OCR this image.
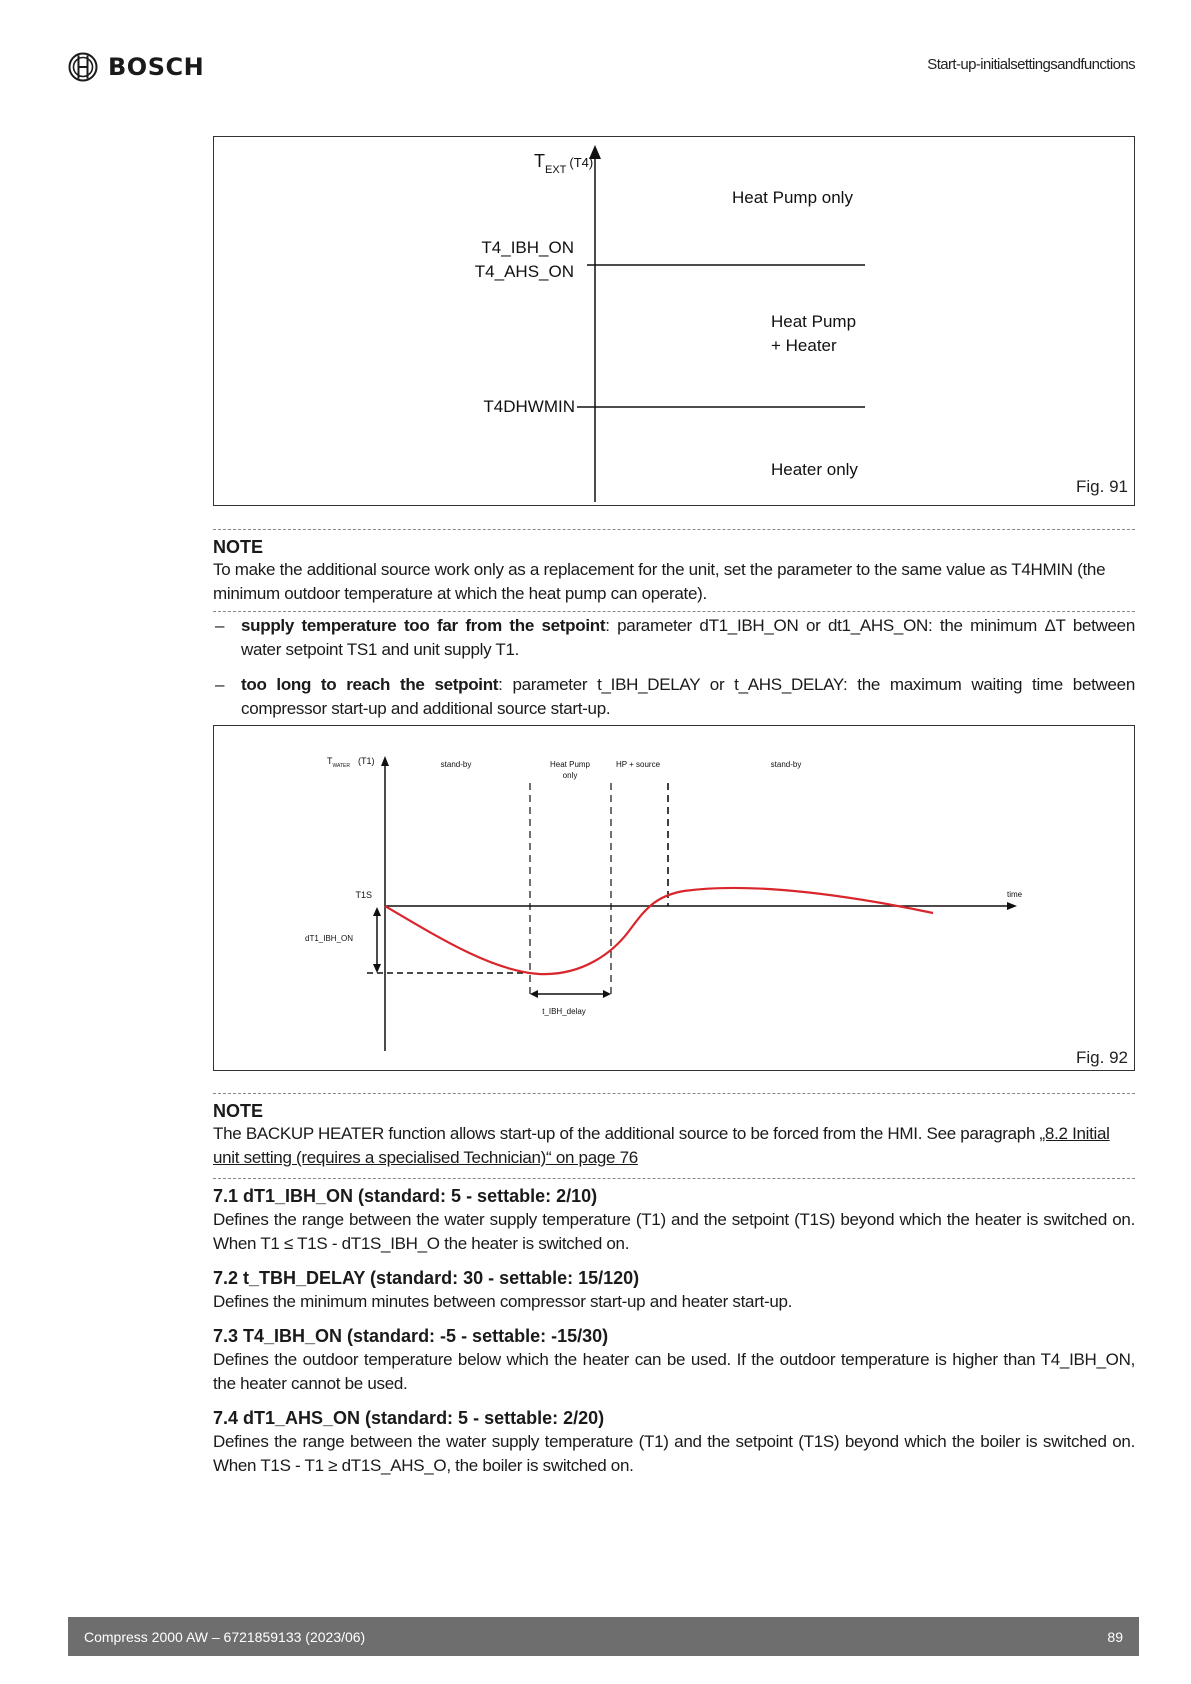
BOSCH	Start-up-initialsettingsandfunctions
$T_{EXT}$ $^{(T4)}$
T4_IBH_ON
T4_AHS_ON
T4DHWMIN
Heat Pump only
Heat Pump
+ Heater
Heater only
Fig. 91
NOTE
To make the additional source work only as a replacement for the unit, set the parameter to the same value as T4HMIN (the minimum outdoor temperature at which the heat pump can operate).
– supply temperature too far from the setpoint: parameter dT1_IBH_ON or dt1_AHS_ON: the minimum ΔT between water setpoint TS1 and unit supply T1.
– too long to reach the setpoint: parameter t_IBH_DELAY or t_AHS_DELAY: the maximum waiting time between compressor start-up and additional source start-up.
$T_{WATER}$ (T1)	stand-by	Heat Pump
only
HP + source	stand-by
T1S	time
dT1_IBH_ON
t_IBH_delay
Fig. 92
NOTE
The BACKUP HEATER function allows start-up of the additional source to be forced from the HMI. See paragraph „8.2 Initial unit setting (requires a specialised Technician)“ on page 76
7.1 dT1_IBH_ON (standard: 5 - settable: 2/10)
Defines the range between the water supply temperature (T1) and the setpoint (T1S) beyond which the heater is switched on. When T1 ≤ T1S - dT1S_IBH_O the heater is switched on.
7.2 t_TBH_DELAY (standard: 30 - settable: 15/120)
Defines the minimum minutes between compressor start-up and heater start-up.
7.3 T4_IBH_ON (standard: -5 - settable: -15/30)
Defines the outdoor temperature below which the heater can be used. If the outdoor temperature is higher than T4_IBH_ON, the heater cannot be used.
7.4 dT1_AHS_ON (standard: 5 - settable: 2/20)
Defines the range between the water supply temperature (T1) and the setpoint (T1S) beyond which the boiler is switched on. When T1S - T1 ≥ dT1S_AHS_O, the boiler is switched on.
Compress 2000 AW – 6721859133 (2023/06)	89
